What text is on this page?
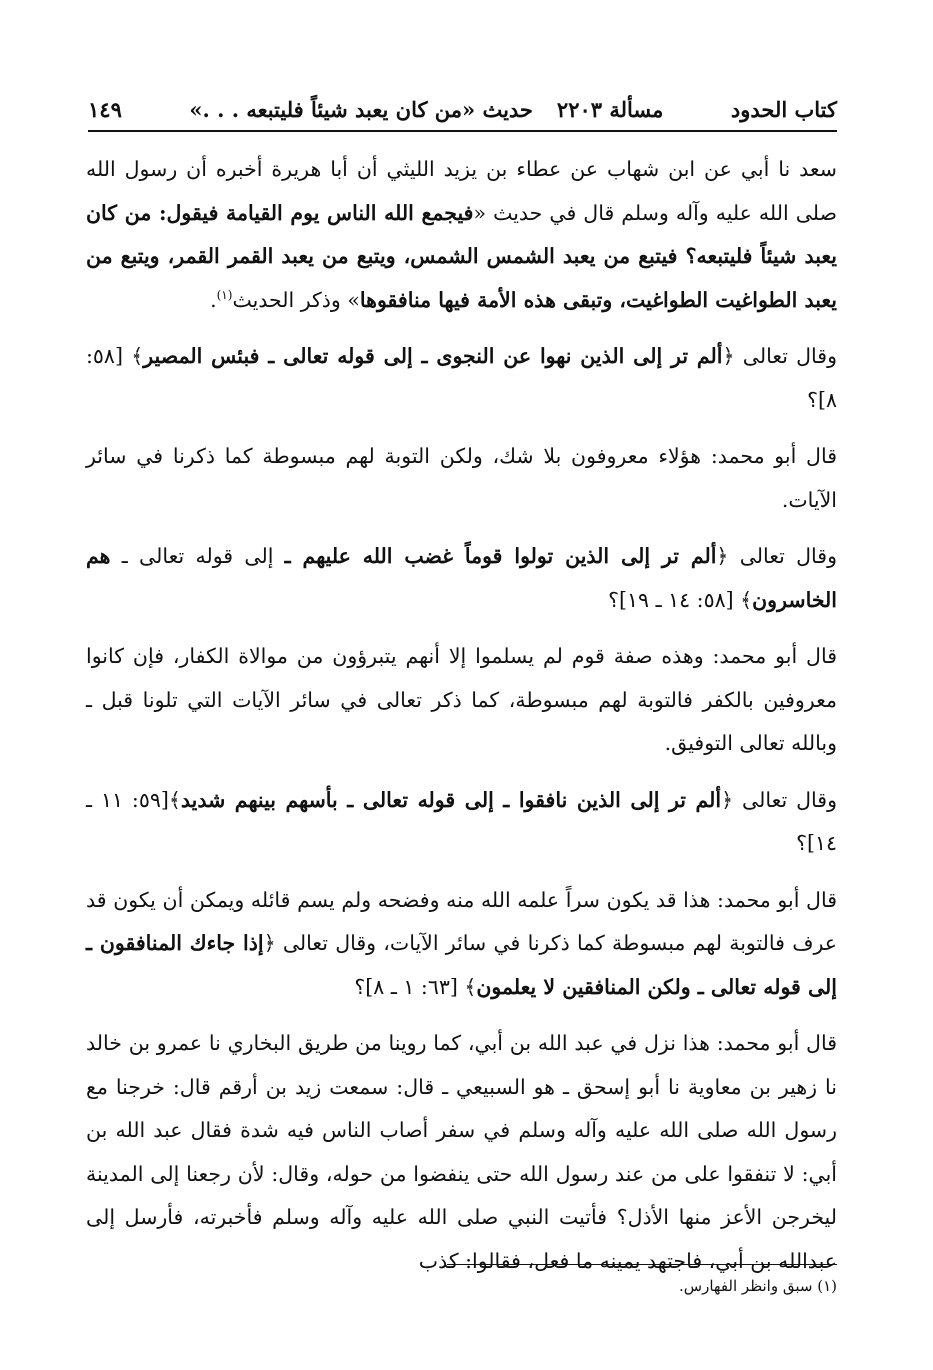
كتاب الحدود
مسألة ٢٢٠٣
حديث «من كان يعبد شيئاً فليتبعه . . .»
١٤٩

سعد نا أبي عن ابن شهاب عن عطاء بن يزيد الليثي أن أبا هريرة أخبره أن رسول الله صلى الله عليه وآله وسلم قال في حديث «فيجمع الله الناس يوم القيامة فيقول: من كان يعبد شيئاً فليتبعه؟ فيتبع من يعبد الشمس الشمس، ويتبع من يعبد القمر القمر، ويتبع من يعبد الطواغيت الطواغيت، وتبقى هذه الأمة فيها منافقوها» وذكر الحديث$^{(١)}$.

وقال تعالى ﴿ألم تر إلى الذين نهوا عن النجوى ـ إلى قوله تعالى ـ فبئس المصير﴾ [٥٨: ٨]؟

قال أبو محمد: هؤلاء معروفون بلا شك، ولكن التوبة لهم مبسوطة كما ذكرنا في سائر الآيات.

وقال تعالى ﴿ألم تر إلى الذين تولوا قوماً غضب الله عليهم ـ إلى قوله تعالى ـ هم الخاسرون﴾ [٥٨: ١٤ ـ ١٩]؟

قال أبو محمد: وهذه صفة قوم لم يسلموا إلا أنهم يتبرؤون من موالاة الكفار، فإن كانوا معروفين بالكفر فالتوبة لهم مبسوطة، كما ذكر تعالى في سائر الآيات التي تلونا قبل ـ وبالله تعالى التوفيق.

وقال تعالى ﴿ألم تر إلى الذين نافقوا ـ إلى قوله تعالى ـ بأسهم بينهم شديد﴾[٥٩: ١١ ـ ١٤]؟

قال أبو محمد: هذا قد يكون سراً علمه الله منه وفضحه ولم يسم قائله ويمكن أن يكون قد عرف فالتوبة لهم مبسوطة كما ذكرنا في سائر الآيات، وقال تعالى ﴿إذا جاءك المنافقون ـ إلى قوله تعالى ـ ولكن المنافقين لا يعلمون﴾ [٦٣: ١ ـ ٨]؟

قال أبو محمد: هذا نزل في عبد الله بن أبي، كما روينا من طريق البخاري نا عمرو بن خالد نا زهير بن معاوية نا أبو إسحق ـ هو السبيعي ـ قال: سمعت زيد بن أرقم قال: خرجنا مع رسول الله صلى الله عليه وآله وسلم في سفر أصاب الناس فيه شدة فقال عبد الله بن أبي: لا تنفقوا على من عند رسول الله حتى ينفضوا من حوله، وقال: لأن رجعنا إلى المدينة ليخرجن الأعز منها الأذل؟ فأتيت النبي صلى الله عليه وآله وسلم فأخبرته، فأرسل إلى عبدالله بن أبي، فاجتهد يمينه ما فعل، فقالوا: كذب

(١) سبق وانظر الفهارس.
